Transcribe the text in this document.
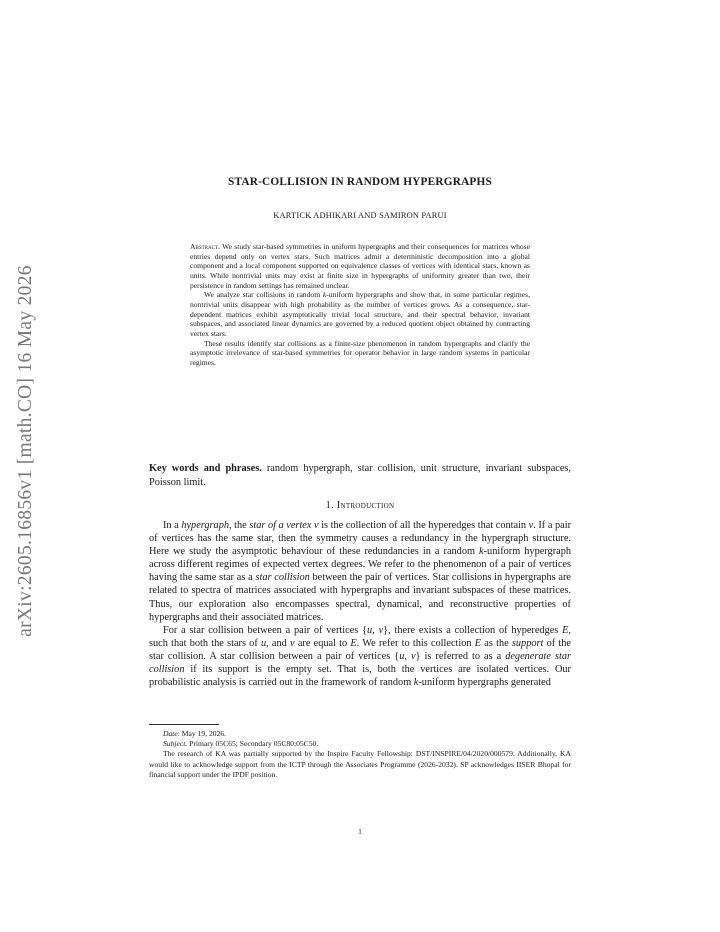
arXiv:2605.16856v1 [math.CO] 16 May 2026
STAR-COLLISION IN RANDOM HYPERGRAPHS
KARTICK ADHIKARI AND SAMIRON PARUI

Abstract. We study star-based symmetries in uniform hypergraphs and their consequences for matrices whose entries depend only on vertex stars. Such matrices admit a deterministic decomposition into a global component and a local component supported on equivalence classes of vertices with identical stars, known as units. While nontrivial units may exist at finite size in hypergraphs of uniformity greater than two, their persistence in random settings has remained unclear.

We analyze star collisions in random k-uniform hypergraphs and show that, in some particular regimes, nontrivial units disappear with high probability as the number of vertices grows. As a consequence, star-dependent matrices exhibit asymptotically trivial local structure, and their spectral behavior, invariant subspaces, and associated linear dynamics are governed by a reduced quotient object obtained by contracting vertex stars.

These results identify star collisions as a finite-size phenomenon in random hypergraphs and clarify the asymptotic irrelevance of star-based symmetries for operator behavior in large random systems in particular regimes.

Key words and phrases. random hypergraph, star collision, unit structure, invariant subspaces, Poisson limit.
1. Introduction

In a hypergraph, the star of a vertex v is the collection of all the hyperedges that contain v. If a pair of vertices has the same star, then the symmetry causes a redundancy in the hypergraph structure. Here we study the asymptotic behaviour of these redundancies in a random k-uniform hypergraph across different regimes of expected vertex degrees. We refer to the phenomenon of a pair of vertices having the same star as a star collision between the pair of vertices. Star collisions in hypergraphs are related to spectra of matrices associated with hypergraphs and invariant subspaces of these matrices. Thus, our exploration also encompasses spectral, dynamical, and reconstructive properties of hypergraphs and their associated matrices.

For a star collision between a pair of vertices {u, v}, there exists a collection of hyperedges E, such that both the stars of u, and v are equal to E. We refer to this collection E as the support of the star collision. A star collision between a pair of vertices {u, v} is referred to as a degenerate star collision if its support is the empty set. That is, both the vertices are isolated vertices. Our probabilistic analysis is carried out in the framework of random k-uniform hypergraphs generated

Date: May 19, 2026.

Subject. Primary 05C65; Secondary 05C80;05C50.

The research of KA was partially supported by the Inspire Faculty Fellowship: DST/INSPIRE/04/2020/000579. Additionally, KA would like to acknowledge support from the ICTP through the Associates Programme (2026-2032). SP acknowledges IISER Bhopal for financial support under the IPDF position.

1
